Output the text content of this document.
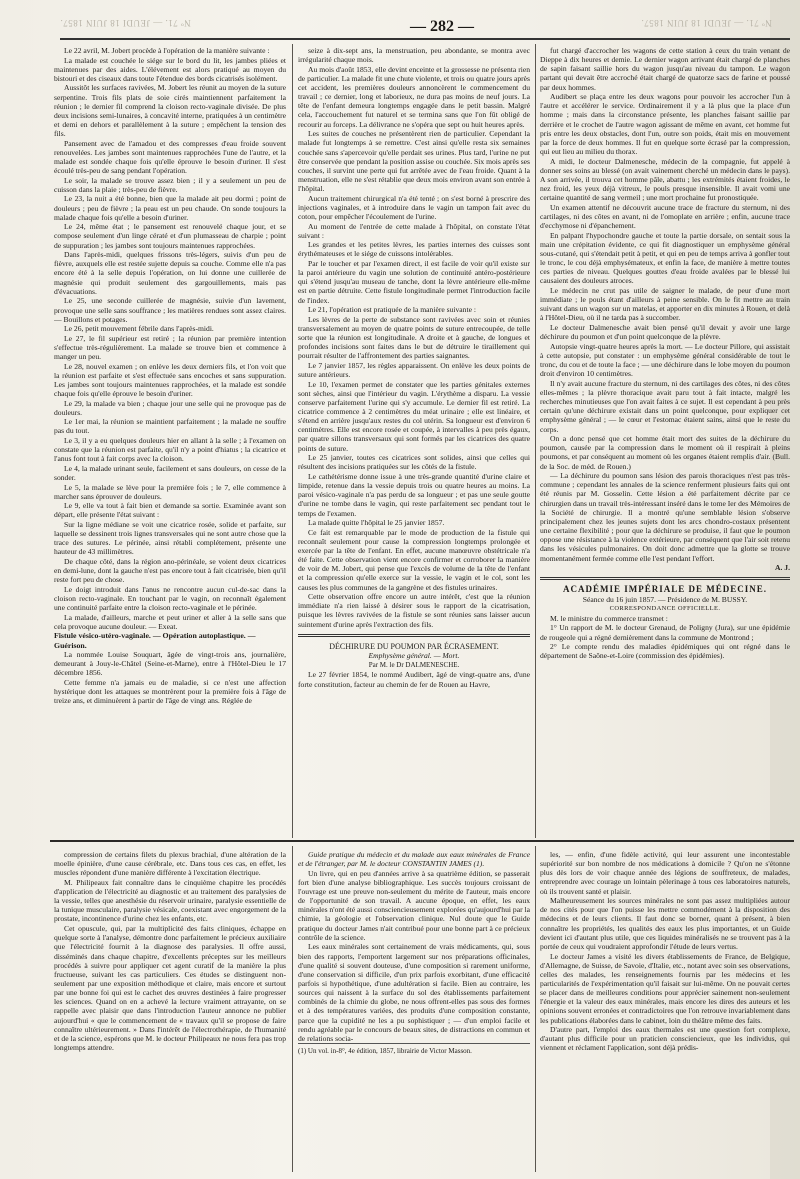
Nº 71. — JEUDI 18 JUIN 1857.	— 282 —	Nº 71. — JEUDI 18 JUIN 1857.

Le 22 avril, M. Jobert procède à l'opération de la manière suivante :

La malade est couchée le siége sur le bord du lit, les jambes pliées et maintenues par des aides. L'élévement est alors pratiqué au moyen du bistouri et des ciseaux dans toute l'étendue des bords cicatrisés isolément.

Aussitôt les surfaces ravivées, M. Jobert les réunit au moyen de la suture serpentine. Trois fils plats de soie cirés maintiennent parfaitement la réunion ; le dernier fil comprend la cloison recto-vaginale divisée. De plus deux incisions semi-lunaires, à concavité interne, pratiquées à un centimètre et demi en dehors et parallèlement à la suture ; empêchent la tension des fils.

Pansement avec de l'amadou et des compresses d'eau froide souvent renouvelées. Les jambes sont maintenues rapprochées l'une de l'autre, et la malade est sondée chaque fois qu'elle éprouve le besoin d'uriner. Il s'est écoulé très-peu de sang pendant l'opération.

Le soir, la malade se trouve assez bien ; il y a seulement un peu de cuisson dans la plaie ; très-peu de fièvre.

Le 23, la nuit a été bonne, bien que la malade ait peu dormi ; point de douleurs ; peu de fièvre ; la peau est un peu chaude. On sonde toujours la malade chaque fois qu'elle a besoin d'uriner.

Le 24, même état ; le pansement est renouvelé chaque jour, et se compose seulement d'un linge cératé et d'un plumasseau de charpie ; point de suppuration ; les jambes sont toujours maintenues rapprochées.

Dans l'après-midi, quelques frissons très-légers, suivis d'un peu de fièvre, auxquels elle est restée sujette depuis sa couche. Comme elle n'a pas encore été à la selle depuis l'opération, on lui donne une cuillerée de magnésie qui produit seulement des gargouillements, mais pas d'évacuations.

Le 25, une seconde cuillerée de magnésie, suivie d'un lavement, provoque une selle sans souffrance ; les matières rendues sont assez claires. — Bouillons et potages.

Le 26, petit mouvement fébrile dans l'après-midi.

Le 27, le fil supérieur est retiré ; la réunion par première intention s'effectue très-régulièrement. La malade se trouve bien et commence à manger un peu.

Le 28, nouvel examen ; on enlève les deux derniers fils, et l'on voit que la réunion est parfaite et s'est effectuée sans encoches et sans suppuration. Les jambes sont toujours maintenues rapprochées, et la malade est sondée chaque fois qu'elle éprouve le besoin d'uriner.

Le 29, la malade va bien ; chaque jour une selle qui ne provoque pas de douleurs.

Le 1er mai, la réunion se maintient parfaitement ; la malade ne souffre pas du tout.

Le 3, il y a eu quelques douleurs hier en allant à la selle ; à l'examen on constate que la réunion est parfaite, qu'il n'y a point d'hiatus ; la cicatrice et l'anus font tout à fait corps avec la cloison.

Le 4, la malade urinant seule, facilement et sans douleurs, on cesse de la sonder.

Le 5, la malade se lève pour la première fois ; le 7, elle commence à marcher sans éprouver de douleurs.

Le 9, elle va tout à fait bien et demande sa sortie. Examinée avant son départ, elle présente l'état suivant :

Sur la ligne médiane se voit une cicatrice rosée, solide et parfaite, sur laquelle se dessinent trois lignes transversales qui ne sont autre chose que la trace des sutures. Le périnée, ainsi rétabli complétement, présente une hauteur de 43 millimètres.

De chaque côté, dans la région ano-périnéale, se voient deux cicatrices en demi-lune, dont la gauche n'est pas encore tout à fait cicatrisée, bien qu'il reste fort peu de chose.

Le doigt introduit dans l'anus ne rencontre aucun cul-de-sac dans la cloison recto-vaginale. En touchant par le vagin, on reconnaît également une continuité parfaite entre la cloison recto-vaginale et le périnée.

La malade, d'ailleurs, marche et peut uriner et aller à la selle sans que cela provoque aucune douleur. — Exeat.

Fistule vésico-utéro-vaginale. — Opération autoplastique. — Guérison.

La nommée Louise Souquart, âgée de vingt-trois ans, journalière, demeurant à Jouy-le-Châtel (Seine-et-Marne), entre à l'Hôtel-Dieu le 17 décembre 1856.

Cette femme n'a jamais eu de maladie, si ce n'est une affection hystérique dont les attaques se montrèrent pour la première fois à l'âge de treize ans, et diminuèrent à partir de l'âge de vingt ans. Réglée de

seize à dix-sept ans, la menstruation, peu abondante, se montra avec irrégularité chaque mois.

Au mois d'août 1853, elle devint enceinte et la grossesse ne présenta rien de particulier. La malade fit une chute violente, et trois ou quatre jours après cet accident, les premières douleurs annoncèrent le commencement du travail ; ce dernier, long et laborieux, ne dura pas moins de neuf jours. La tête de l'enfant demeura longtemps engagée dans le petit bassin. Malgré cela, l'accouchement fut naturel et se termina sans que l'on fût obligé de recourir au forceps. La délivrance ne s'opéra que sept ou huit heures après.

Les suites de couches ne présentèrent rien de particulier. Cependant la malade fut longtemps à se remettre. C'est ainsi qu'elle resta six semaines couchée sans s'apercevoir qu'elle perdait ses urines. Plus tard, l'urine ne put être conservée que pendant la position assise ou couchée. Six mois après ses couches, il survint une perte qui fut arrêtée avec de l'eau froide. Quant à la menstruation, elle ne s'est rétablie que deux mois environ avant son entrée à l'hôpital.

Aucun traitement chirurgical n'a été tenté ; on s'est borné à prescrire des injections vaginales, et à introduire dans le vagin un tampon fait avec du coton, pour empêcher l'écoulement de l'urine.

Au moment de l'entrée de cette malade à l'hôpital, on constate l'état suivant :

Les grandes et les petites lèvres, les parties internes des cuisses sont érythémateuses et le siége de cuissons intolérables.

Par le toucher et par l'examen direct, il est facile de voir qu'il existe sur la paroi antérieure du vagin une solution de continuité antéro-postérieure qui s'étend jusqu'au museau de tanche, dont la lèvre antérieure elle-même est en partie détruite. Cette fistule longitudinale permet l'introduction facile de l'index.

Le 21, l'opération est pratiquée de la manière suivante :

Les lèvres de la perte de substance sont ravivées avec soin et réunies transversalement au moyen de quatre points de suture entrecoupée, de telle sorte que la réunion est longitudinale. A droite et à gauche, de longues et profondes incisions sont faites dans le but de détruire le tiraillement qui pourrait résulter de l'affrontement des parties saignantes.

Le 7 janvier 1857, les règles apparaissent. On enlève les deux points de suture antérieurs.

Le 10, l'examen permet de constater que les parties génitales externes sont sèches, ainsi que l'intérieur du vagin. L'érythème a disparu. La vessie conserve parfaitement l'urine qui s'y accumule. Le dernier fil est retiré. La cicatrice commence à 2 centimètres du méat urinaire ; elle est linéaire, et s'étend en arrière jusqu'aux restes du col utérin. Sa longueur est d'environ 6 centimètres. Elle est encore rosée et coupée, à intervalles à peu près égaux, par quatre sillons transversaux qui sont formés par les cicatrices des quatre points de suture.

Le 25 janvier, toutes ces cicatrices sont solides, ainsi que celles qui résultent des incisions pratiquées sur les côtés de la fistule.

Le cathétérisme donne issue à une très-grande quantité d'urine claire et limpide, retenue dans la vessie depuis trois ou quatre heures au moins. La paroi vésico-vaginale n'a pas perdu de sa longueur ; et pas une seule goutte d'urine ne tombe dans le vagin, qui reste parfaitement sec pendant tout le temps de l'examen.

La malade quitte l'hôpital le 25 janvier 1857.

Ce fait est remarquable par le mode de production de la fistule qui reconnaît seulement pour cause la compression longtemps prolongée et exercée par la tête de l'enfant. En effet, aucune manœuvre obstétricale n'a été faite. Cette observation vient encore confirmer et corroborer la manière de voir de M. Jobert, qui pense que l'excès de volume de la tête de l'enfant et la compression qu'elle exerce sur la vessie, le vagin et le col, sont les causes les plus communes de la gangrène et des fistules urinaires.

Cette observation offre encore un autre intérêt, c'est que la réunion immédiate n'a rien laissé à désirer sous le rapport de la cicatrisation, puisque les lèvres ravivées de la fistule se sont réunies sans laisser aucun suintement d'urine après l'extraction des fils.

DÉCHIRURE DU POUMON PAR ÉCRASEMENT.

Emphysème général. — Mort.

Par M. le Dr DALMENESCHE.

Le 27 février 1854, le nommé Audibert, âgé de vingt-quatre ans, d'une forte constitution, facteur au chemin de fer de Rouen au Havre,

fut chargé d'accrocher les wagons de cette station à ceux du train venant de Dieppe à dix heures et demie. Le dernier wagon arrivant était chargé de planches de sapin faisant saillie hors du wagon jusqu'au niveau du tampon. Le wagon partant qui devait être accroché était chargé de quatorze sacs de farine et poussé par deux hommes.

Audibert se plaça entre les deux wagons pour pouvoir les accrocher l'un à l'autre et accélérer le service. Ordinairement il y a là plus que la place d'un homme ; mais dans la circonstance présente, les planches faisant saillie par derrière et le crochet de l'autre wagon agissant de même en avant, cet homme fut pris entre les deux obstacles, dont l'un, outre son poids, était mis en mouvement par la force de deux hommes. Il fut en quelque sorte écrasé par la compression, qui eut lieu au milieu du thorax.

A midi, le docteur Dalmenesche, médecin de la compagnie, fut appelé à donner ses soins au blessé (on avait vainement cherché un médecin dans le pays). A son arrivée, il trouva cet homme pâle, abattu ; les extrémités étaient froides, le nez froid, les yeux déjà vitreux, le pouls presque insensible. Il avait vomi une certaine quantité de sang vermeil ; une mort prochaine fut pronostiquée.

Un examen attentif ne découvrit aucune trace de fracture du sternum, ni des cartilages, ni des côtes en avant, ni de l'omoplate en arrière ; enfin, aucune trace d'ecchymose ni d'épanchement.

En palpant l'hypochondre gauche et toute la partie dorsale, on sentait sous la main une crépitation évidente, ce qui fit diagnostiquer un emphysème général sous-cutané, qui s'étendait petit à petit, et qui en peu de temps arriva à gonfler tout le tronc, le cou déjà emphysémateux, et enfin la face, de manière à mettre toutes ces parties de niveau. Quelques gouttes d'eau froide avalées par le blessé lui causaient des douleurs atroces.

Le médecin ne crut pas utile de saigner le malade, de peur d'une mort immédiate ; le pouls étant d'ailleurs à peine sensible. On le fit mettre au train suivant dans un wagon sur un matelas, et apporter en dix minutes à Rouen, et delà à l'Hôtel-Dieu, où il ne tarda pas à succomber.

Le docteur Dalmenesche avait bien pensé qu'il devait y avoir une large déchirure du poumon et d'un point quelconque de la plèvre.

Autopsie vingt-quatre heures après la mort. — Le docteur Pillore, qui assistait à cette autopsie, put constater : un emphysème général considérable de tout le tronc, du cou et de toute la face ; — une déchirure dans le lobe moyen du poumon droit d'environ 10 centimètres.

Il n'y avait aucune fracture du sternum, ni des cartilages des côtes, ni des côtes elles-mêmes ; la plèvre thoracique avait paru tout à fait intacte, malgré les recherches minutieuses que l'on avait faites à ce sujet. Il est cependant à peu près certain qu'une déchirure existait dans un point quelconque, pour expliquer cet emphysème général ; — le cœur et l'estomac étaient sains, ainsi que le reste du corps.

On a donc pensé que cet homme était mort des suites de la déchirure du poumon, causée par la compression dans le moment où il respirait à pleins poumons, et par conséquent au moment où les organes étaient remplis d'air. (Bull. de la Soc. de méd. de Rouen.)

— La déchirure du poumon sans lésion des parois thoraciques n'est pas très-commune ; cependant les annales de la science renferment plusieurs faits qui ont été réunis par M. Gosselin. Cette lésion a été parfaitement décrite par ce chirurgien dans un travail très-intéressant inséré dans le tome Ier des Mémoires de la Société de chirurgie. Il a montré qu'une semblable lésion s'observe principalement chez les jeunes sujets dont les arcs chondro-costaux présentent une certaine flexibilité ; pour que la déchirure se produise, il faut que le poumon oppose une résistance à la violence extérieure, par conséquent que l'air soit retenu dans les vésicules pulmonaires. On doit donc admettre que la glotte se trouve momentanément fermée comme elle l'est pendant l'effort.

A. J.

ACADÉMIE IMPÉRIALE DE MÉDECINE.

Séance du 16 juin 1857. — Présidence de M. BUSSY.

CORRESPONDANCE OFFICIELLE.

M. le ministre du commerce transmet :

1° Un rapport de M. le docteur Grenaud, de Poligny (Jura), sur une épidémie de rougeole qui a régné dernièrement dans la commune de Montrond ;

2° Le compte rendu des maladies épidémiques qui ont régné dans le département de Saône-et-Loire (commission des épidémies).

compression de certains filets du plexus brachial, d'une altération de la moelle épinière, d'une cause cérébrale, etc. Dans tous ces cas, en effet, les muscles répondent d'une manière différente à l'excitation électrique.

M. Philipeaux fait connaître dans le cinquième chapitre les procédés d'application de l'électricité au diagnostic et au traitement des paralysies de la vessie, telles que anesthésie du réservoir urinaire, paralysie essentielle de la tunique musculaire, paralysie vésicale, coexistant avec engorgement de la prostate, incontinence d'urine chez les enfants, etc.

Cet opuscule, qui, par la multiplicité des faits cliniques, échappe en quelque sorte à l'analyse, démontre donc parfaitement le précieux auxiliaire que l'électricité fournit à la diagnose des paralysies. Il offre aussi, disséminés dans chaque chapitre, d'excellents préceptes sur les meilleurs procédés à suivre pour appliquer cet agent curatif de la manière la plus fructueuse, suivant les cas particuliers. Ces études se distinguent non-seulement par une exposition méthodique et claire, mais encore et surtout par une bonne foi qui est le cachet des œuvres destinées à faire progresser les sciences. Quand on en a achevé la lecture vraiment attrayante, on se rappelle avec plaisir que dans l'introduction l'auteur annonce ne publier aujourd'hui « que le commencement de « travaux qu'il se propose de faire connaître ultérieurement. » Dans l'intérêt de l'électrothérapie, de l'humanité et de la science, espérons que M. le docteur Philipeaux ne nous fera pas trop longtemps attendre.

Guide pratique du médecin et du malade aux eaux minérales de France et de l'étranger, par M. le docteur CONSTANTIN JAMES (1).

Un livre, qui en peu d'années arrive à sa quatrième édition, se passerait fort bien d'une analyse bibliographique. Les succès toujours croissant de l'ouvrage est une preuve non-seulement du mérite de l'auteur, mais encore de l'opportunité de son travail. A aucune époque, en effet, les eaux minérales n'ont été aussi consciencieusement explorées qu'aujourd'hui par la chimie, la géologie et l'observation clinique. Nul doute que le Guide pratique du docteur James n'ait contribué pour une bonne part à ce précieux contrôle de la science.

Les eaux minérales sont certainement de vrais médicaments, qui, sous bien des rapports, l'emportent largement sur nos préparations officinales, d'une qualité si souvent douteuse, d'une composition si rarement uniforme, d'une conservation si difficile, d'un prix parfois exorbitant, d'une efficacité parfois si hypothétique, d'une adultération si facile. Bien au contraire, les sources qui naissent à la surface du sol des établissements parfaitement combinés de la chimie du globe, ne nous offrent-elles pas sous des formes et à des températures variées, des produits d'une composition constante, parce que la cupidité ne les a pu sophistiquer ; — d'un emploi facile et rendu agréable par le concours de beaux sites, de distractions en commun et de relations socia-

(1) Un vol. in-8°, 4e édition, 1857, librairie de Victor Masson.

les, — enfin, d'une fidèle activité, qui leur assurent une incontestable supériorité sur bon nombre de nos médications à domicile ? Qu'on ne s'étonne plus dès lors de voir chaque année des légions de souffreteux, de malades, entreprendre avec courage un lointain pèlerinage à tous ces laboratoires naturels, où ils trouvent santé et plaisir.

Malheureusement les sources minérales ne sont pas assez multipliées autour de nos cités pour que l'on puisse les mettre commodément à la disposition des médecins et de leurs clients. Il faut donc se borner, quant à présent, à bien connaître les propriétés, les qualités des eaux les plus importantes, et un Guide devient ici d'autant plus utile, que ces liquides minéralisés ne se trouvent pas à la portée de ceux qui voudraient approfondir l'étude de leurs vertus.

Le docteur James a visité les divers établissements de France, de Belgique, d'Allemagne, de Suisse, de Savoie, d'Italie, etc., notant avec soin ses observations, celles des malades, les renseignements fournis par les médecins et les particularités de l'expérimentation qu'il faisait sur lui-même. On ne pouvait certes se placer dans de meilleures conditions pour apprécier sainement non-seulement l'énergie et la valeur des eaux minérales, mais encore les dires des auteurs et les opinions souvent erronées et contradictoires que l'on retrouve invariablement dans les publications élaborées dans le cabinet, loin du théâtre même des faits.

D'autre part, l'emploi des eaux thermales est une question fort complexe, d'autant plus difficile pour un praticien consciencieux, que les individus, qui viennent et réclament l'application, sont déjà prédis-
